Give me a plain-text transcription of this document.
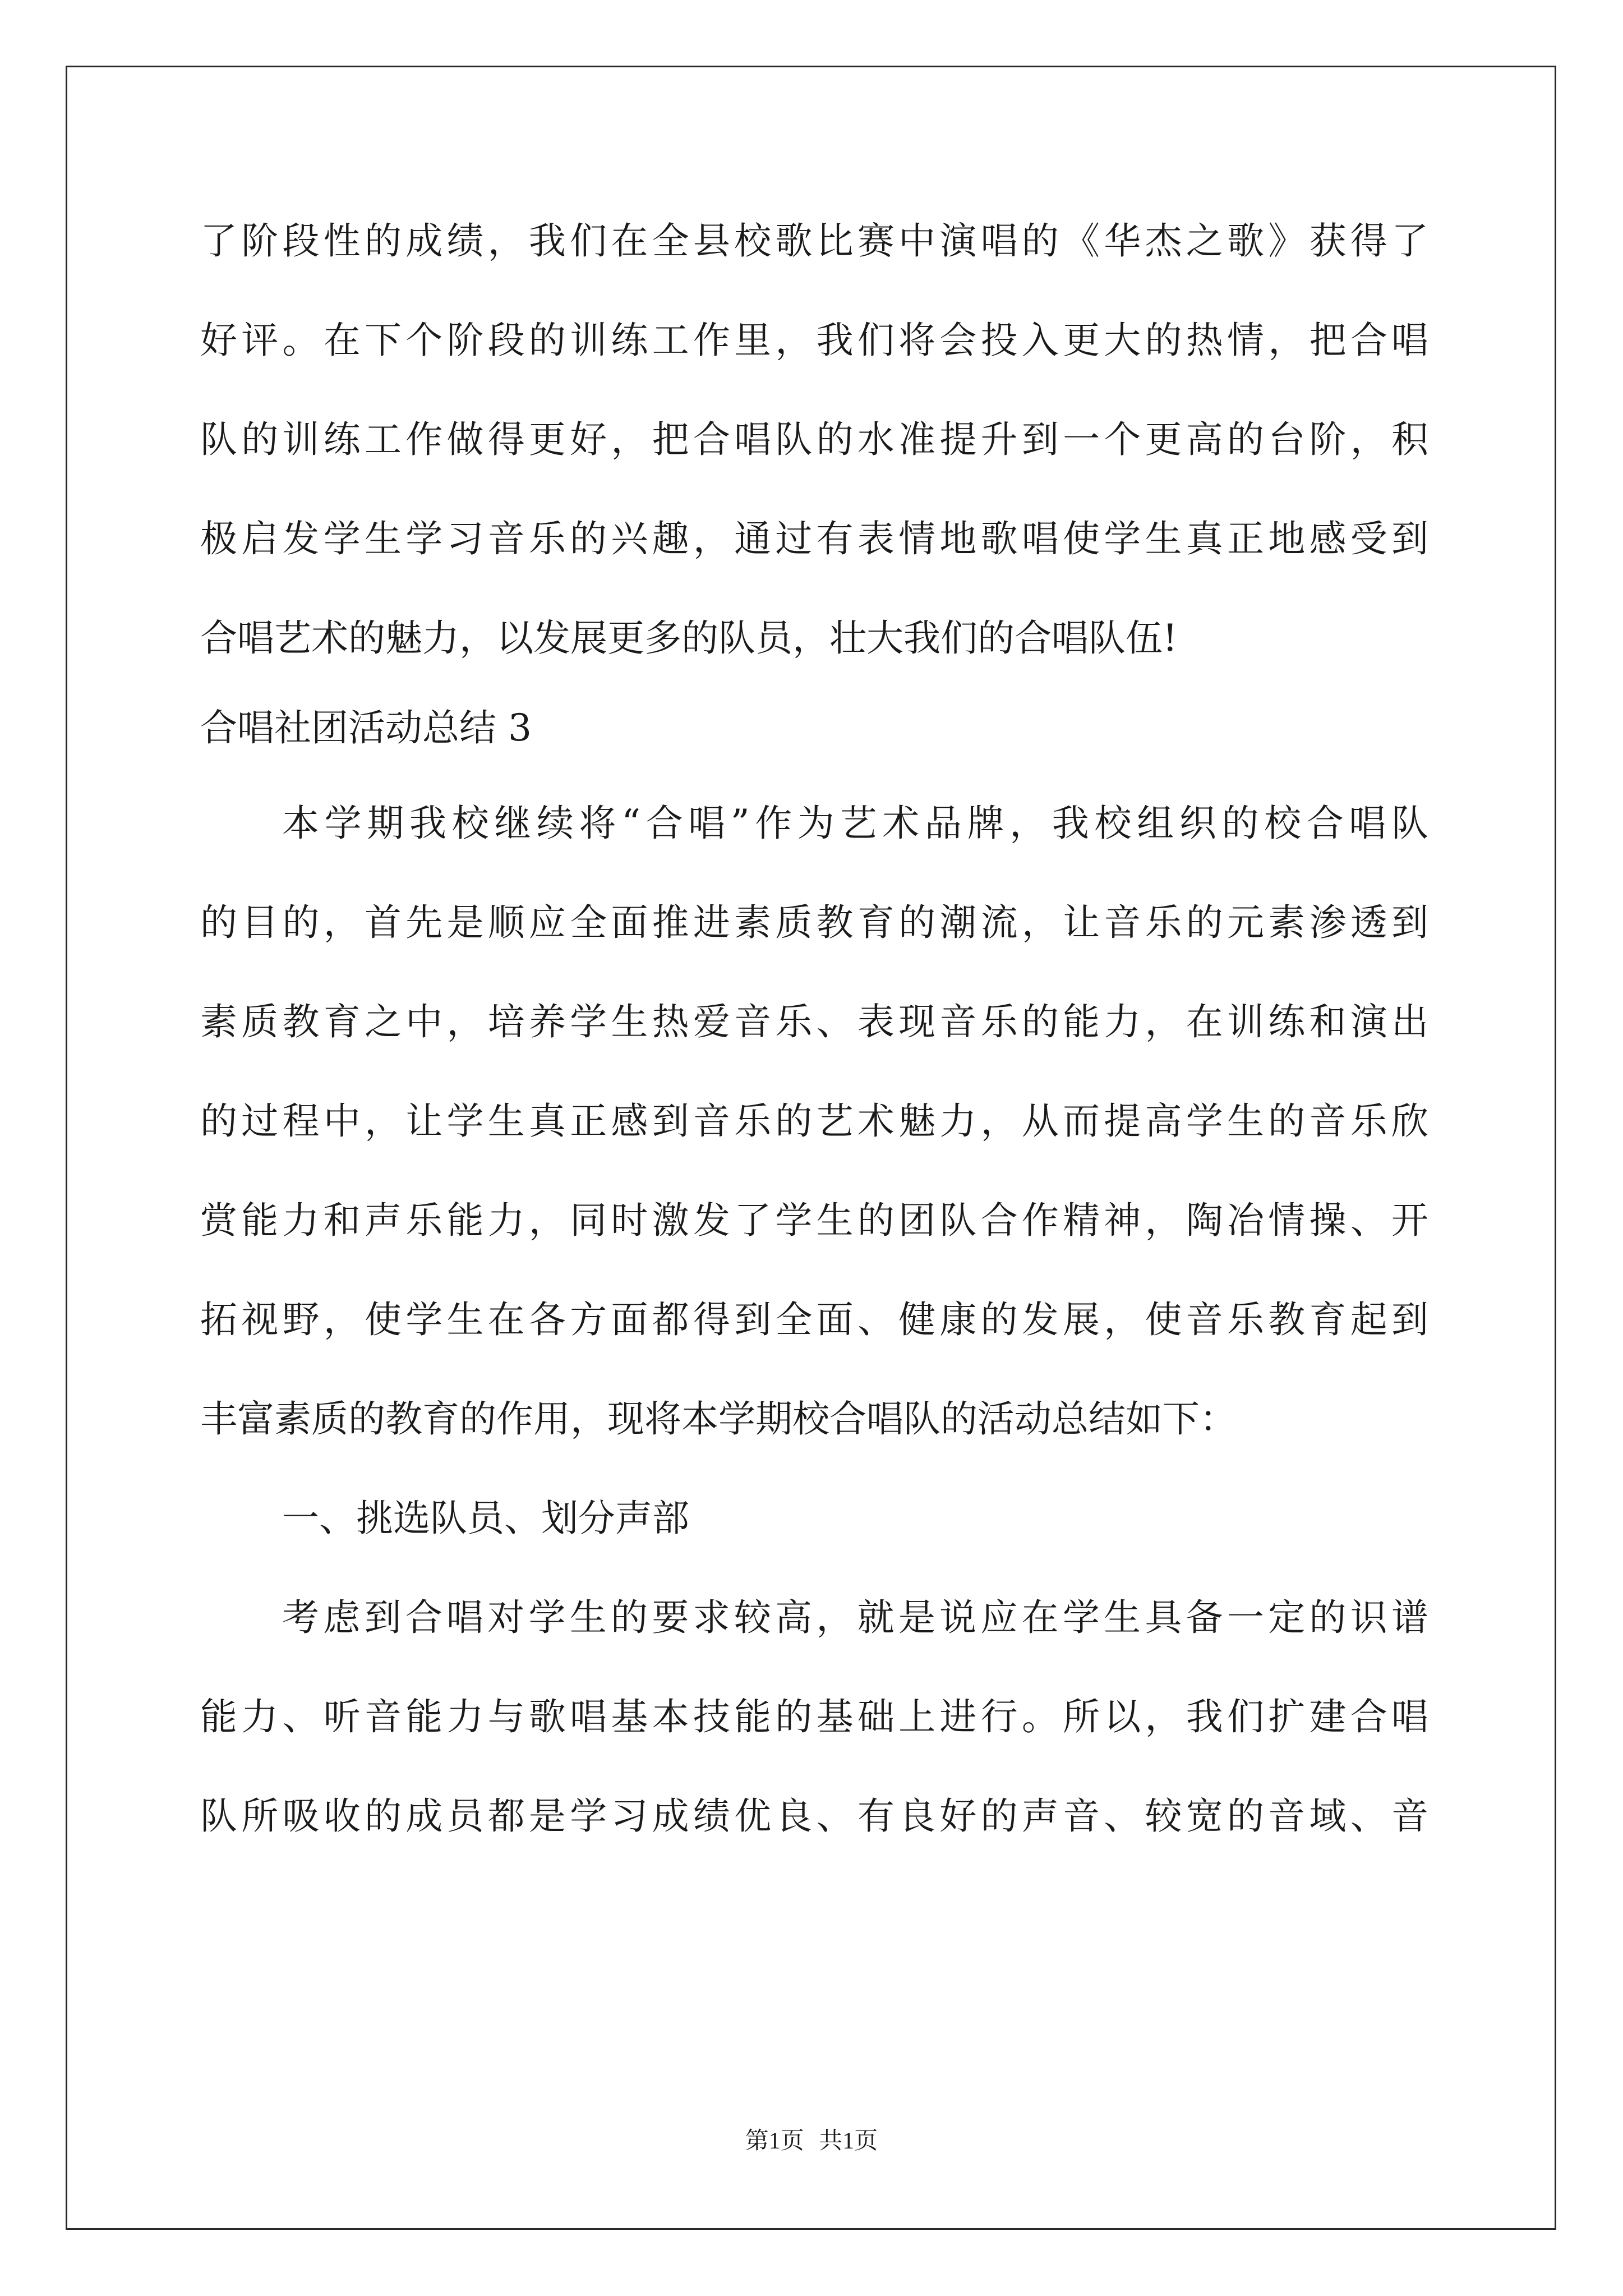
了阶段性的成绩，我们在全县校歌比赛中演唱的《华杰之歌》获得了
好评。在下个阶段的训练工作里，我们将会投入更大的热情，把合唱
队的训练工作做得更好，把合唱队的水准提升到一个更高的台阶，积
极启发学生学习音乐的兴趣，通过有表情地歌唱使学生真正地感受到
合唱艺术的魅力，以发展更多的队员，壮大我们的合唱队伍!
合唱社团活动总结 3
本学期我校继续将“合唱”作为艺术品牌，我校组织的校合唱队
的目的，首先是顺应全面推进素质教育的潮流，让音乐的元素渗透到
素质教育之中，培养学生热爱音乐、表现音乐的能力，在训练和演出
的过程中，让学生真正感到音乐的艺术魅力，从而提高学生的音乐欣
赏能力和声乐能力，同时激发了学生的团队合作精神，陶冶情操、开
拓视野，使学生在各方面都得到全面、健康的发展，使音乐教育起到
丰富素质的教育的作用，现将本学期校合唱队的活动总结如下：
一、挑选队员、划分声部
考虑到合唱对学生的要求较高，就是说应在学生具备一定的识谱
能力、听音能力与歌唱基本技能的基础上进行。所以，我们扩建合唱
队所吸收的成员都是学习成绩优良、有良好的声音、较宽的音域、音
第1页 共1页
